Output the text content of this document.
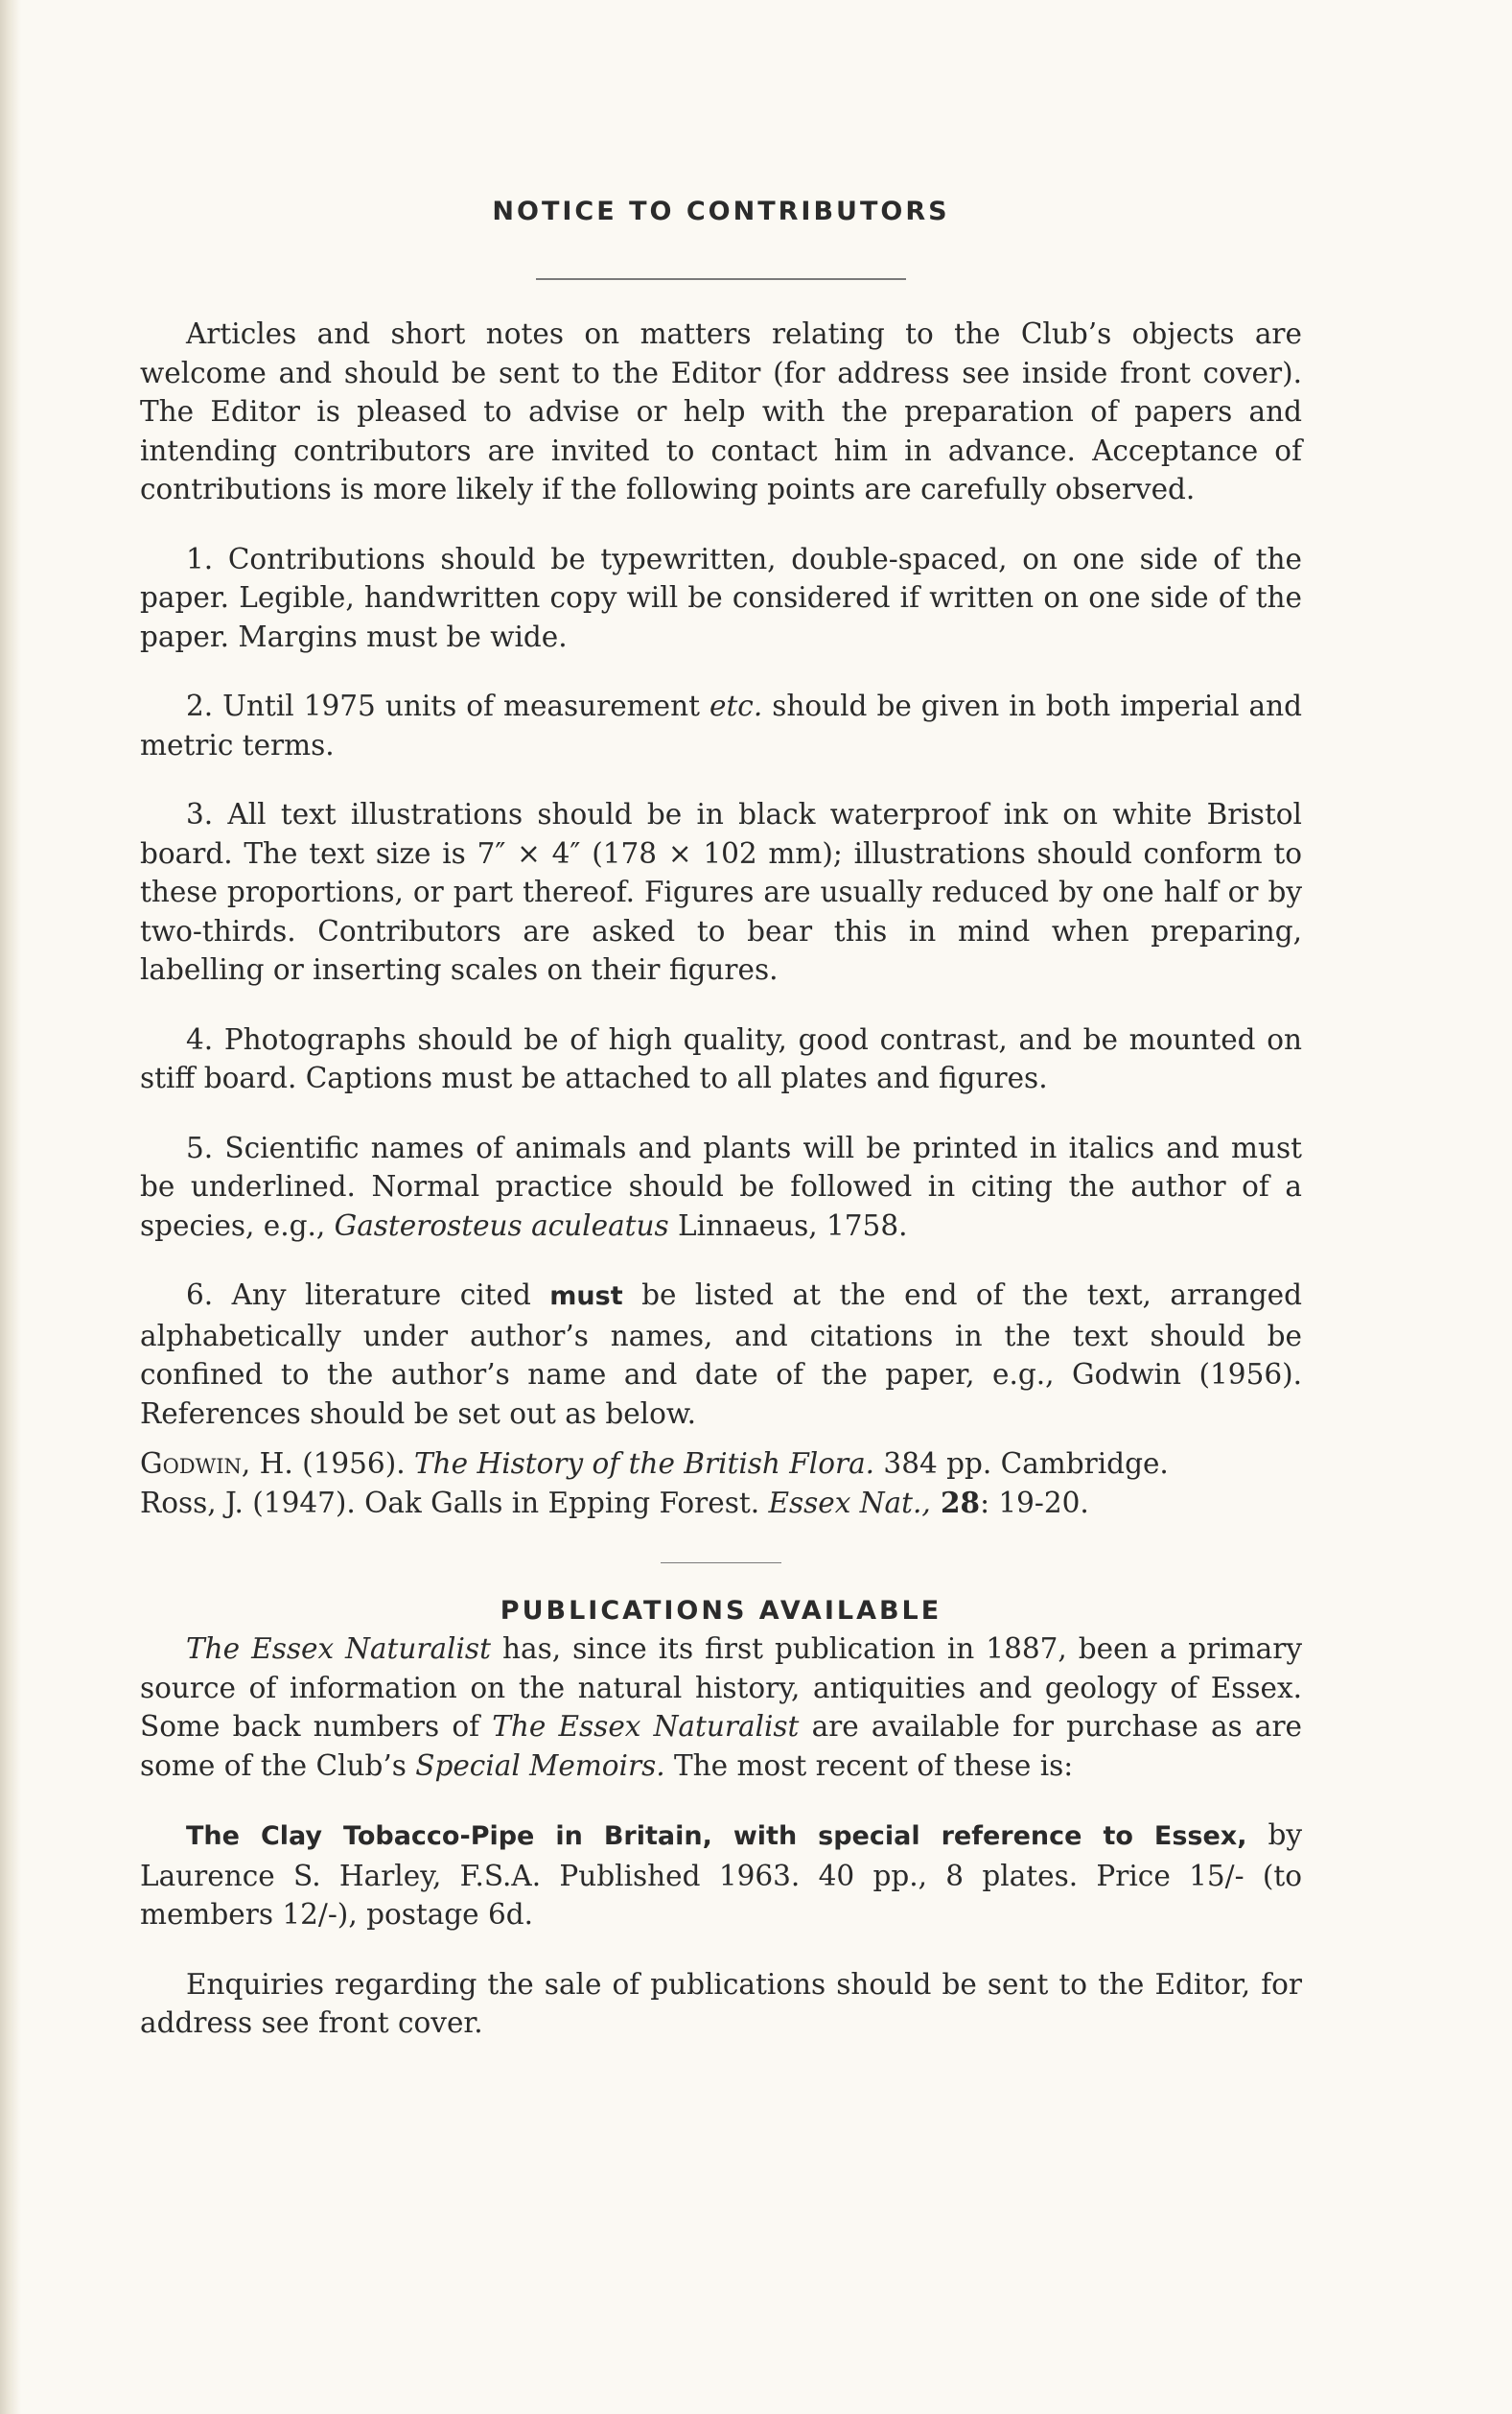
NOTICE TO CONTRIBUTORS

Articles and short notes on matters relating to the Club’s objects are welcome and should be sent to the Editor (for address see inside front cover). The Editor is pleased to advise or help with the preparation of papers and intending contributors are invited to contact him in advance. Acceptance of contributions is more likely if the following points are carefully observed.

1. Contributions should be typewritten, double-spaced, on one side of the paper. Legible, handwritten copy will be considered if written on one side of the paper. Margins must be wide.

2. Until 1975 units of measurement etc. should be given in both imperial and metric terms.

3. All text illustrations should be in black waterproof ink on white Bristol board. The text size is 7″ × 4″ (178 × 102 mm); illustrations should conform to these proportions, or part thereof. Figures are usually reduced by one half or by two-thirds. Contributors are asked to bear this in mind when preparing, labelling or inserting scales on their figures.

4. Photographs should be of high quality, good contrast, and be mounted on stiff board. Captions must be attached to all plates and figures.

5. Scientific names of animals and plants will be printed in italics and must be underlined. Normal practice should be followed in citing the author of a species, e.g., Gasterosteus aculeatus Linnaeus, 1758.

6. Any literature cited must be listed at the end of the text, arranged alphabetically under author’s names, and citations in the text should be confined to the author’s name and date of the paper, e.g., Godwin (1956). References should be set out as below.

Godwin, H. (1956). The History of the British Flora. 384 pp. Cambridge.

Ross, J. (1947). Oak Galls in Epping Forest. Essex Nat., 28: 19-20.

PUBLICATIONS AVAILABLE

The Essex Naturalist has, since its first publication in 1887, been a primary source of information on the natural history, antiquities and geology of Essex. Some back numbers of The Essex Naturalist are available for purchase as are some of the Club’s Special Memoirs. The most recent of these is:

The Clay Tobacco-Pipe in Britain, with special reference to Essex, by Laurence S. Harley, F.S.A. Published 1963. 40 pp., 8 plates. Price 15/- (to members 12/-), postage 6d.

Enquiries regarding the sale of publications should be sent to the Editor, for address see front cover.
